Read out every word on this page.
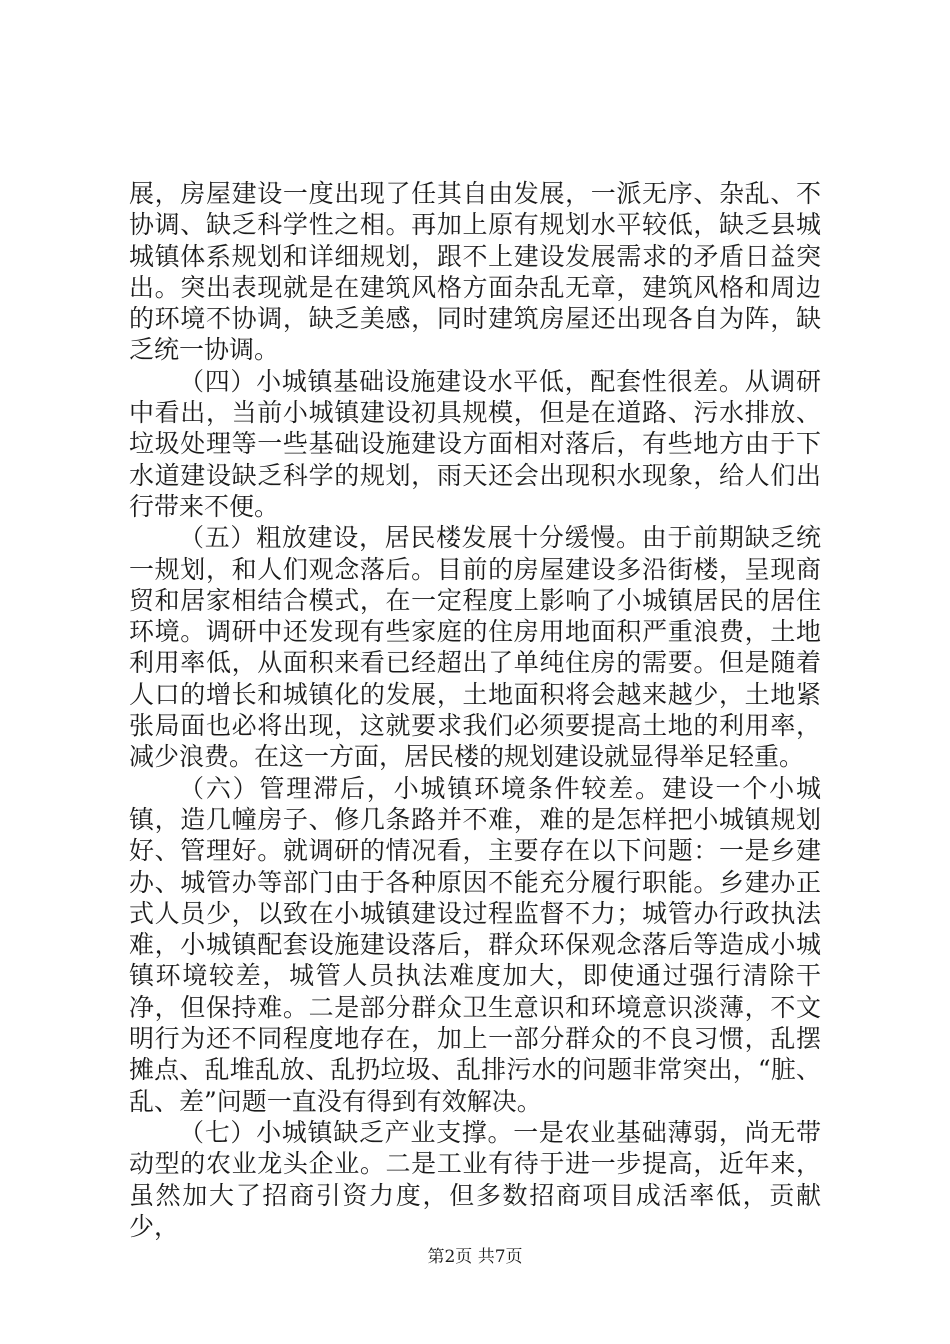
展，房屋建设一度出现了任其自由发展，一派无序、杂乱、不协调、缺乏科学性之相。再加上原有规划水平较低，缺乏县城城镇体系规划和详细规划，跟不上建设发展需求的矛盾日益突出。突出表现就是在建筑风格方面杂乱无章，建筑风格和周边的环境不协调，缺乏美感，同时建筑房屋还出现各自为阵，缺乏统一协调。

（四）小城镇基础设施建设水平低，配套性很差。从调研中看出，当前小城镇建设初具规模，但是在道路、污水排放、垃圾处理等一些基础设施建设方面相对落后，有些地方由于下水道建设缺乏科学的规划，雨天还会出现积水现象，给人们出行带来不便。

（五）粗放建设，居民楼发展十分缓慢。由于前期缺乏统一规划，和人们观念落后。目前的房屋建设多沿街楼，呈现商贸和居家相结合模式，在一定程度上影响了小城镇居民的居住环境。调研中还发现有些家庭的住房用地面积严重浪费，土地利用率低，从面积来看已经超出了单纯住房的需要。但是随着人口的增长和城镇化的发展，土地面积将会越来越少，土地紧张局面也必将出现，这就要求我们必须要提高土地的利用率，减少浪费。在这一方面，居民楼的规划建设就显得举足轻重。

（六）管理滞后，小城镇环境条件较差。建设一个小城镇，造几幢房子、修几条路并不难，难的是怎样把小城镇规划好、管理好。就调研的情况看，主要存在以下问题：一是乡建办、城管办等部门由于各种原因不能充分履行职能。乡建办正式人员少，以致在小城镇建设过程监督不力；城管办行政执法难，小城镇配套设施建设落后，群众环保观念落后等造成小城镇环境较差，城管人员执法难度加大，即使通过强行清除干净，但保持难。二是部分群众卫生意识和环境意识淡薄，不文明行为还不同程度地存在，加上一部分群众的不良习惯，乱摆摊点、乱堆乱放、乱扔垃圾、乱排污水的问题非常突出，“脏、乱、差”问题一直没有得到有效解决。

（七）小城镇缺乏产业支撑。一是农业基础薄弱，尚无带动型的农业龙头企业。二是工业有待于进一步提高，近年来，虽然加大了招商引资力度，但多数招商项目成活率低，贡献少，

第2页 共7页
